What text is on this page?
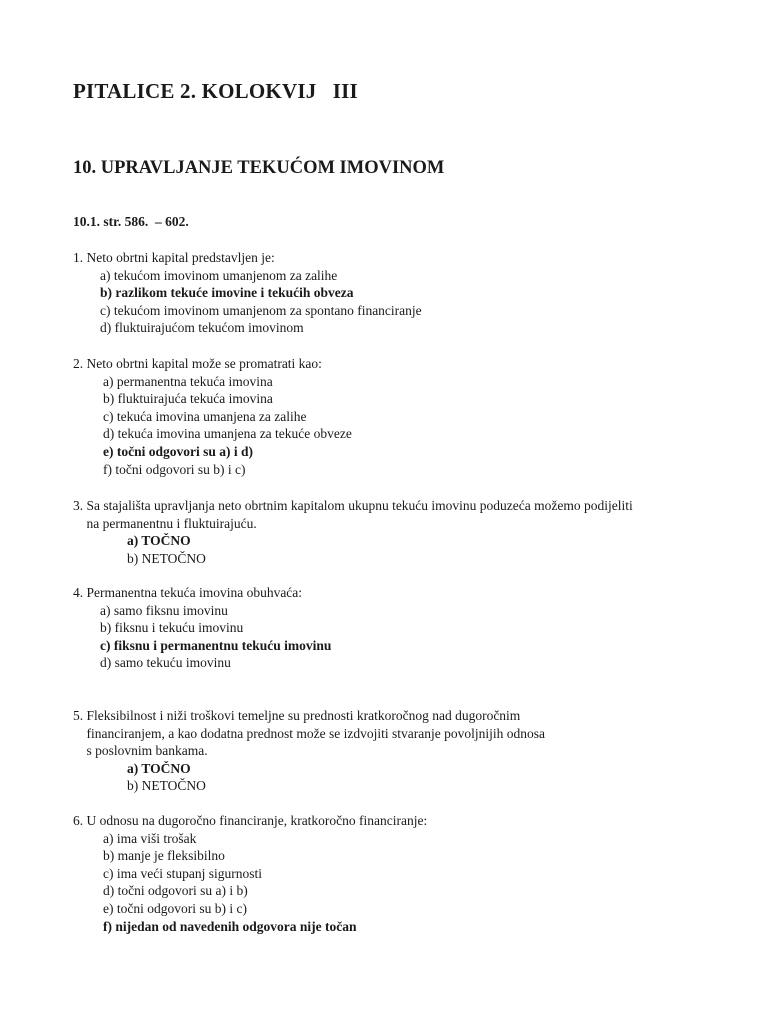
PITALICE 2. KOLOKVIJ   III
10. UPRAVLJANJE TEKUĆOM IMOVINOM
10.1. str. 586.  – 602.
1. Neto obrtni kapital predstavljen je:
a) tekućom imovinom umanjenom za zalihe
b) razlikom tekuće imovine i tekućih obveza
c) tekućom imovinom umanjenom za spontano financiranje
d) fluktuirajućom tekućom imovinom
2. Neto obrtni kapital može se promatrati kao:
a) permanentna tekuća imovina
b) fluktuirajuća tekuća imovina
c) tekuća imovina umanjena za zalihe
d) tekuća imovina umanjena za tekuće obveze
e) točni odgovori su a) i d)
f) točni odgovori su b) i c)
3. Sa stajališta upravljanja neto obrtnim kapitalom ukupnu tekuću imovinu poduzeća možemo podijeliti
na permanentnu i fluktuirajuću.
a) TOČNO
b) NETOČNO
4. Permanentna tekuća imovina obuhvaća:
a) samo fiksnu imovinu
b) fiksnu i tekuću imovinu
c) fiksnu i permanentnu tekuću imovinu
d) samo tekuću imovinu
5. Fleksibilnost i niži troškovi temeljne su prednosti kratkoročnog nad dugoročnim
financiranjem, a kao dodatna prednost može se izdvojiti stvaranje povoljnijih odnosa
s poslovnim bankama.
a) TOČNO
b) NETOČNO
6. U odnosu na dugoročno financiranje, kratkoročno financiranje:
a) ima viši trošak
b) manje je fleksibilno
c) ima veći stupanj sigurnosti
d) točni odgovori su a) i b)
e) točni odgovori su b) i c)
f) nijedan od navedenih odgovora nije točan
